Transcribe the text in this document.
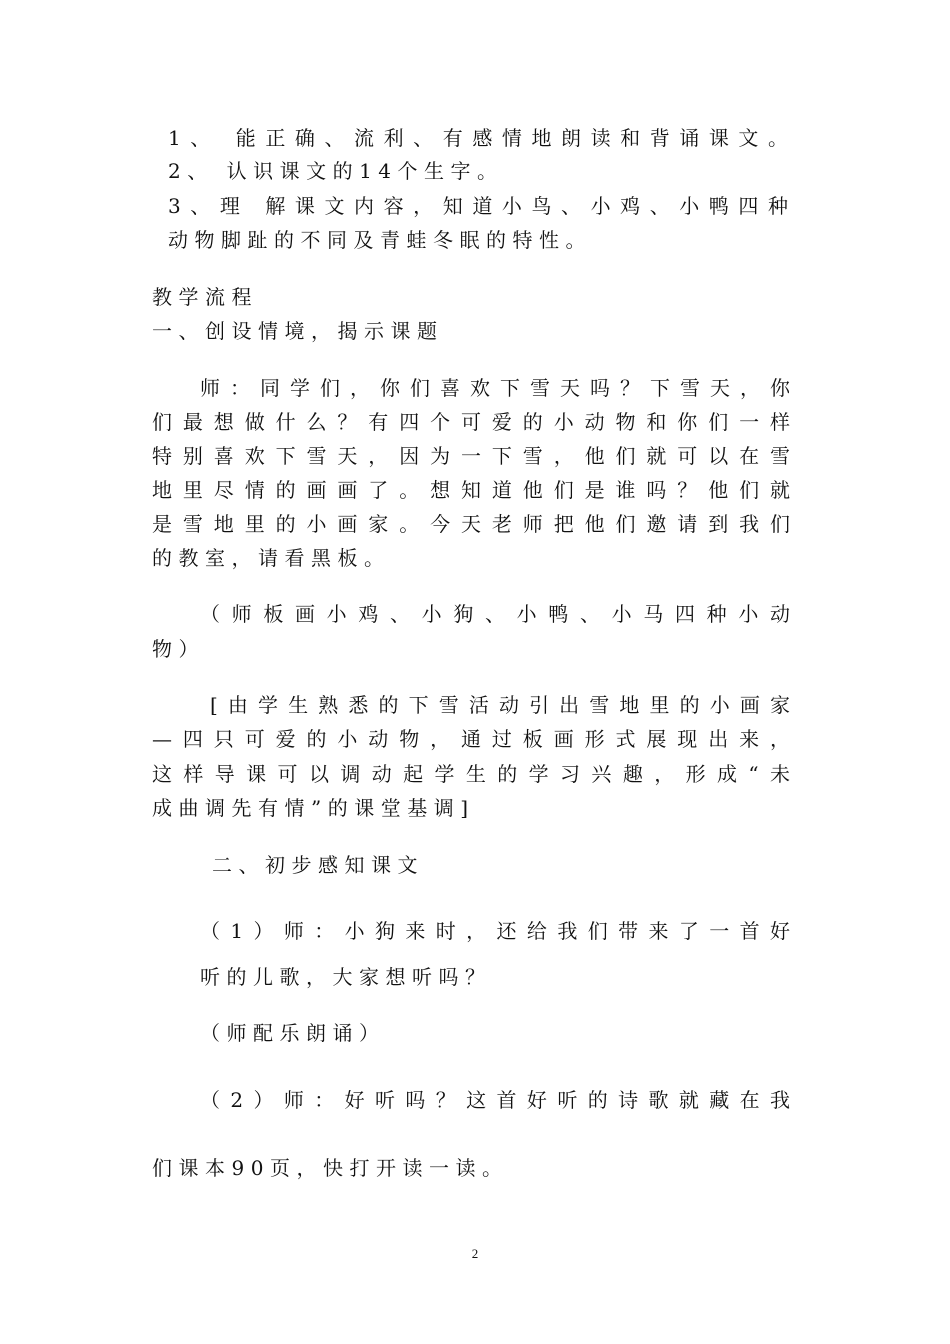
1、 能正确、流利、有感情地朗读和背诵课文。
2、 认识课文的14个生字。
3、理 解课文内容，知道小鸟、小鸡、小鸭四种
动物脚趾的不同及青蛙冬眠的特性。
教学流程
一、创设情境，揭示课题
师：同学们，你们喜欢下雪天吗？下雪天，你
们最想做什么？有四个可爱的小动物和你们一样
特别喜欢下雪天，因为一下雪，他们就可以在雪
地里尽情的画画了。想知道他们是谁吗？他们就
是雪地里的小画家。今天老师把他们邀请到我们
的教室，请看黑板。
（师板画小鸡、小狗、小鸭、小马四种小动
物）
[由学生熟悉的下雪活动引出雪地里的小画家
—四只可爱的小动物，通过板画形式展现出来，
这样导课可以调动起学生的学习兴趣，形成“未
成曲调先有情”的课堂基调]
二、初步感知课文
（1）师：小狗来时，还给我们带来了一首好
听的儿歌，大家想听吗？
（师配乐朗诵）
（2）师：好听吗？这首好听的诗歌就藏在我
们课本90页，快打开读一读。
2
